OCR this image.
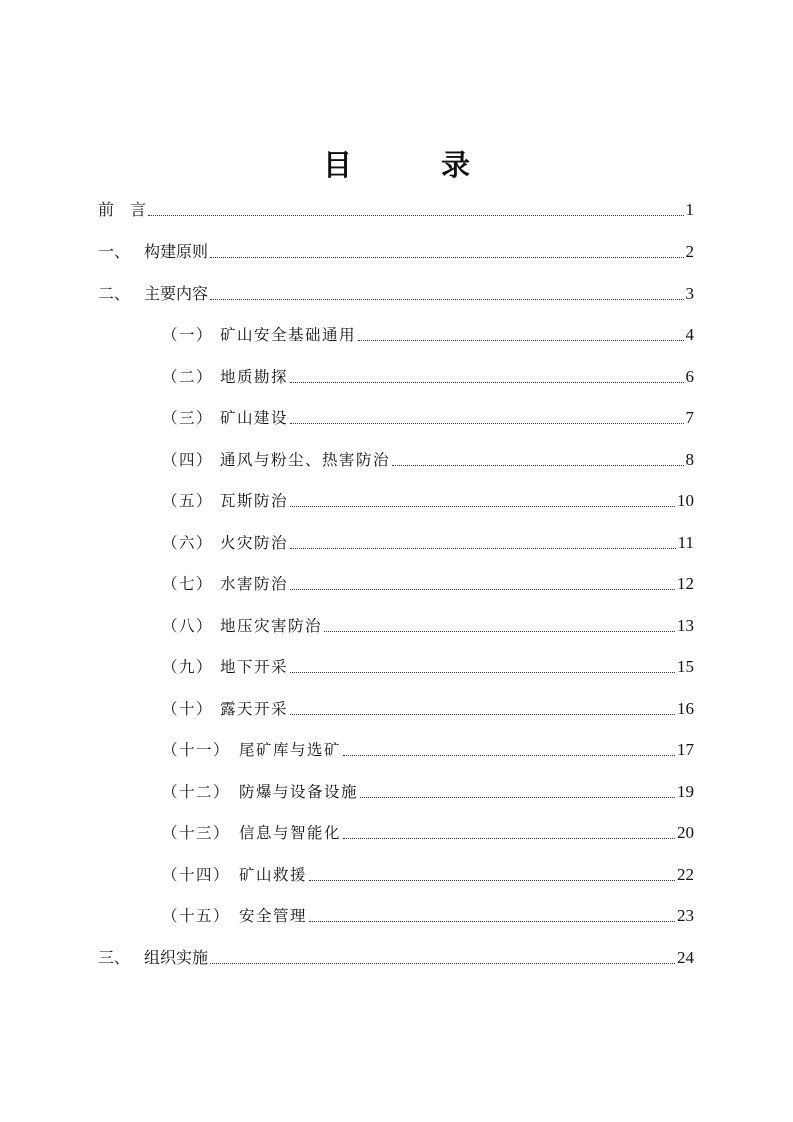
目　录
前　言	1
一、 构建原则	2
二、 主要内容	3
（一） 矿山安全基础通用	4
（二） 地质勘探	6
（三） 矿山建设	7
（四） 通风与粉尘、热害防治	8
（五） 瓦斯防治	10
（六） 火灾防治	11
（七） 水害防治	12
（八） 地压灾害防治	13
（九） 地下开采	15
（十） 露天开采	16
（十一） 尾矿库与选矿	17
（十二） 防爆与设备设施	19
（十三） 信息与智能化	20
（十四） 矿山救援	22
（十五） 安全管理	23
三、 组织实施	24
